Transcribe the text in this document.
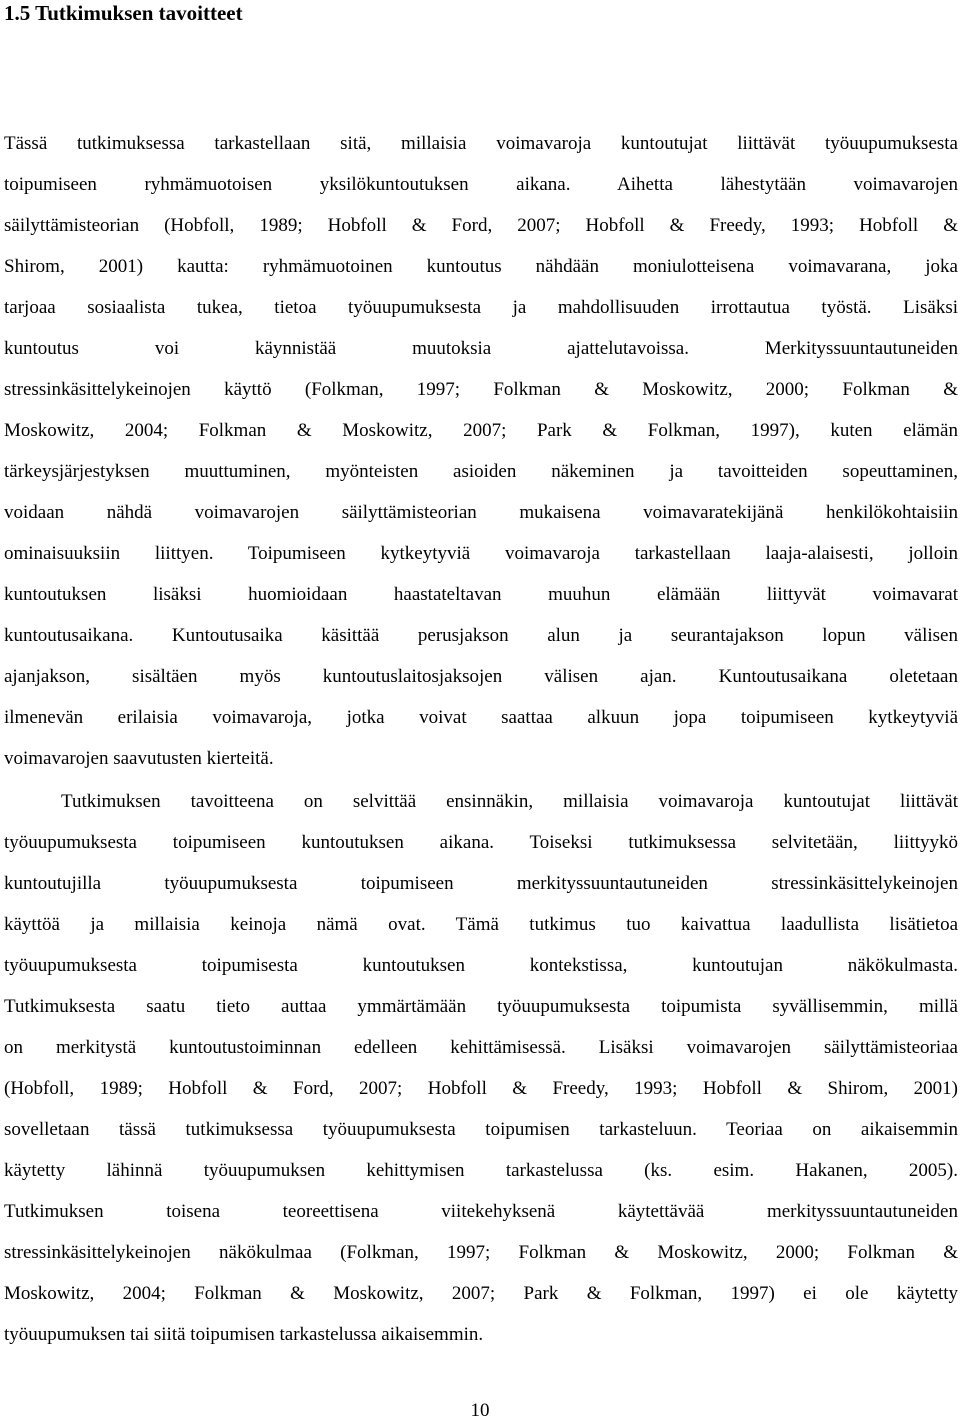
1.5 Tutkimuksen tavoitteet
Tässä tutkimuksessa tarkastellaan sitä, millaisia voimavaroja kuntoutujat liittävät työuupumuksesta
toipumiseen ryhmämuotoisen yksilökuntoutuksen aikana. Aihetta lähestytään voimavarojen
säilyttämisteorian (Hobfoll, 1989; Hobfoll & Ford, 2007; Hobfoll & Freedy, 1993; Hobfoll &
Shirom, 2001) kautta: ryhmämuotoinen kuntoutus nähdään moniulotteisena voimavarana, joka
tarjoaa sosiaalista tukea, tietoa työuupumuksesta ja mahdollisuuden irrottautua työstä. Lisäksi
kuntoutus voi käynnistää muutoksia ajattelutavoissa. Merkityssuuntautuneiden
stressinkäsittelykeinojen käyttö (Folkman, 1997; Folkman & Moskowitz, 2000; Folkman &
Moskowitz, 2004; Folkman & Moskowitz, 2007; Park & Folkman, 1997), kuten elämän
tärkeysjärjestyksen muuttuminen, myönteisten asioiden näkeminen ja tavoitteiden sopeuttaminen,
voidaan nähdä voimavarojen säilyttämisteorian mukaisena voimavaratekijänä henkilökohtaisiin
ominaisuuksiin liittyen. Toipumiseen kytkeytyviä voimavaroja tarkastellaan laaja-alaisesti, jolloin
kuntoutuksen lisäksi huomioidaan haastateltavan muuhun elämään liittyvät voimavarat
kuntoutusaikana. Kuntoutusaika käsittää perusjakson alun ja seurantajakson lopun välisen
ajanjakson, sisältäen myös kuntoutuslaitosjaksojen välisen ajan. Kuntoutusaikana oletetaan
ilmenevän erilaisia voimavaroja, jotka voivat saattaa alkuun jopa toipumiseen kytkeytyviä
voimavarojen saavutusten kierteitä.
Tutkimuksen tavoitteena on selvittää ensinnäkin, millaisia voimavaroja kuntoutujat liittävät
työuupumuksesta toipumiseen kuntoutuksen aikana. Toiseksi tutkimuksessa selvitetään, liittyykö
kuntoutujilla työuupumuksesta toipumiseen merkityssuuntautuneiden stressinkäsittelykeinojen
käyttöä ja millaisia keinoja nämä ovat. Tämä tutkimus tuo kaivattua laadullista lisätietoa
työuupumuksesta toipumisesta kuntoutuksen kontekstissa, kuntoutujan näkökulmasta.
Tutkimuksesta saatu tieto auttaa ymmärtämään työuupumuksesta toipumista syvällisemmin, millä
on merkitystä kuntoutustoiminnan edelleen kehittämisessä. Lisäksi voimavarojen säilyttämisteoriaa
(Hobfoll, 1989; Hobfoll & Ford, 2007; Hobfoll & Freedy, 1993; Hobfoll & Shirom, 2001)
sovelletaan tässä tutkimuksessa työuupumuksesta toipumisen tarkasteluun. Teoriaa on aikaisemmin
käytetty lähinnä työuupumuksen kehittymisen tarkastelussa (ks. esim. Hakanen, 2005).
Tutkimuksen toisena teoreettisena viitekehyksenä käytettävää merkityssuuntautuneiden
stressinkäsittelykeinojen näkökulmaa (Folkman, 1997; Folkman & Moskowitz, 2000; Folkman &
Moskowitz, 2004; Folkman & Moskowitz, 2007; Park & Folkman, 1997) ei ole käytetty
työuupumuksen tai siitä toipumisen tarkastelussa aikaisemmin.
10
